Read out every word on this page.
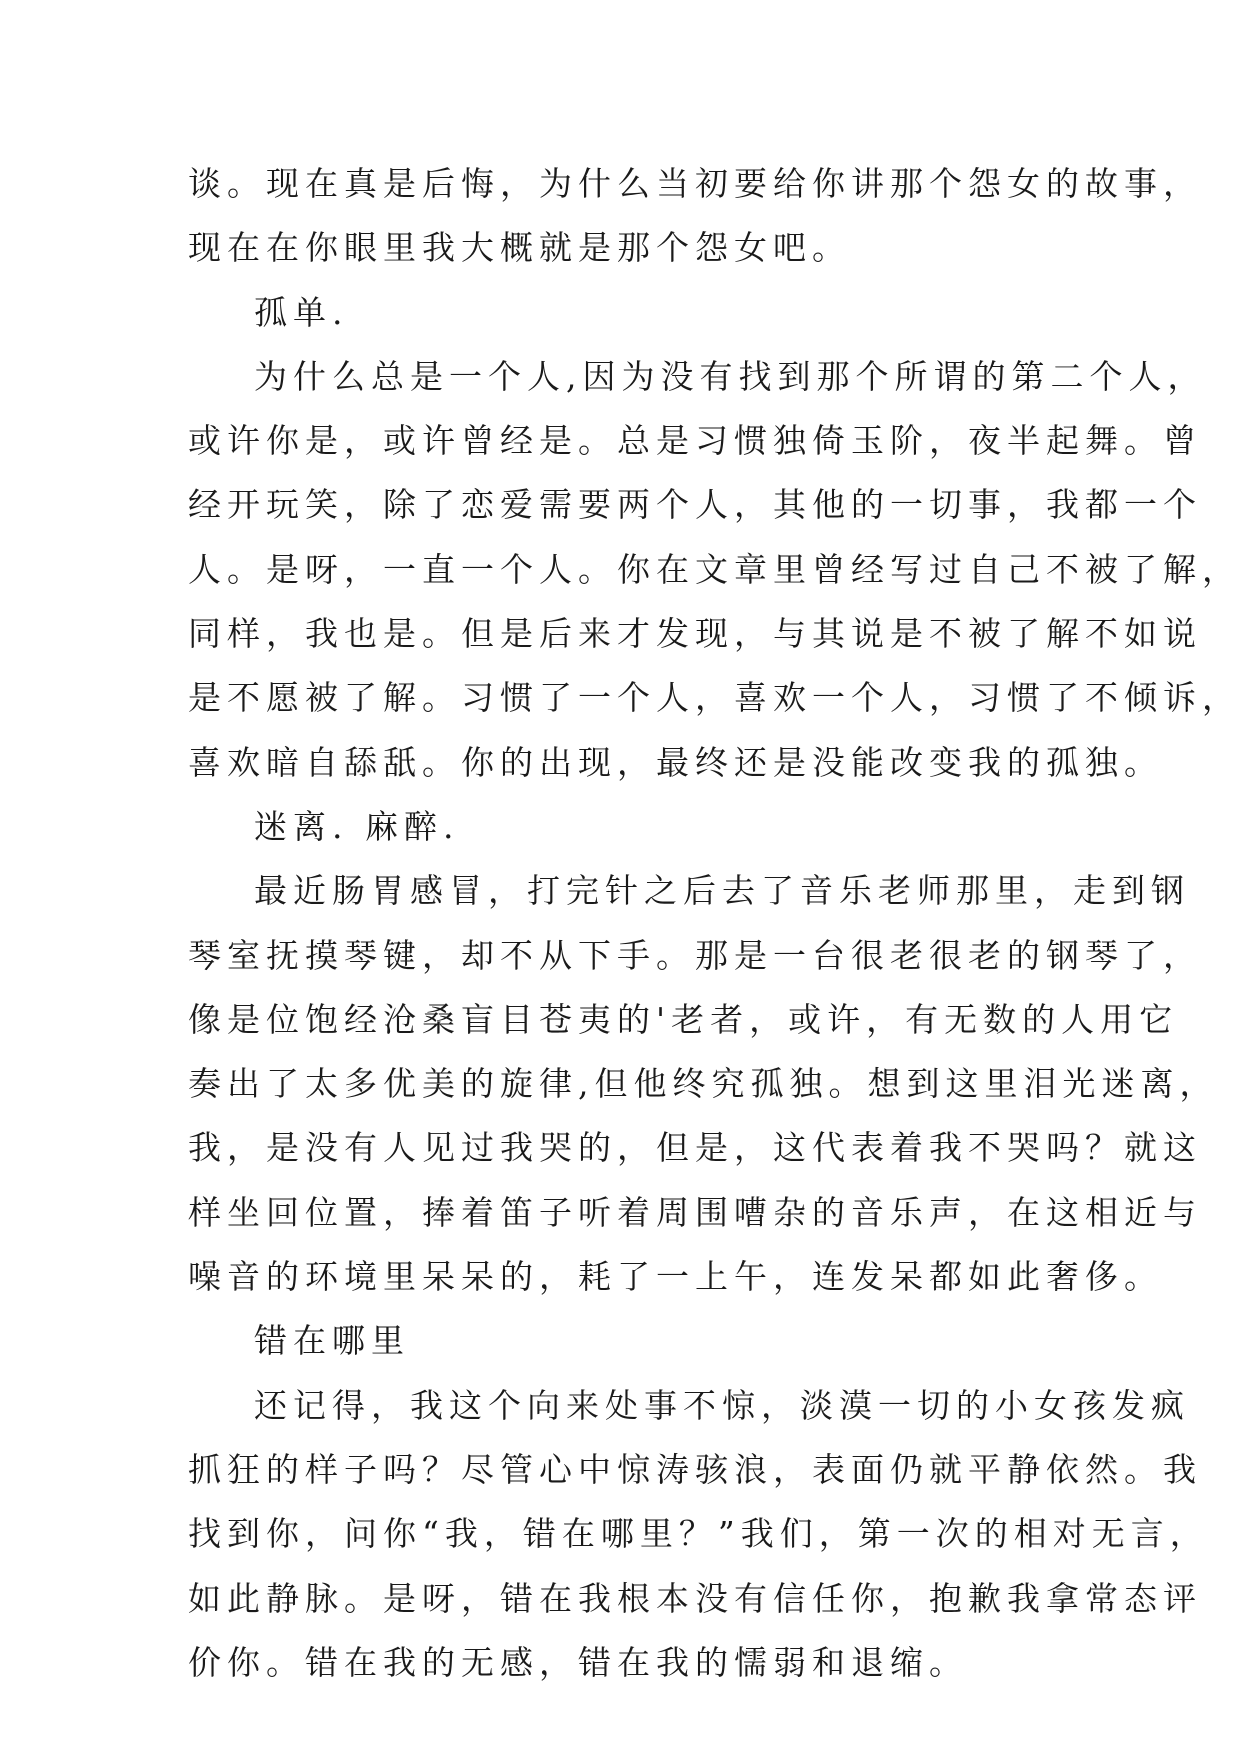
谈。现在真是后悔，为什么当初要给你讲那个怨女的故事，
现在在你眼里我大概就是那个怨女吧。
孤单.
为什么总是一个人,因为没有找到那个所谓的第二个人，
或许你是，或许曾经是。总是习惯独倚玉阶，夜半起舞。曾
经开玩笑，除了恋爱需要两个人，其他的一切事，我都一个
人。是呀，一直一个人。你在文章里曾经写过自己不被了解，
同样，我也是。但是后来才发现，与其说是不被了解不如说
是不愿被了解。习惯了一个人，喜欢一个人，习惯了不倾诉，
喜欢暗自舔舐。你的出现，最终还是没能改变我的孤独。
迷离. 麻醉.
最近肠胃感冒，打完针之后去了音乐老师那里，走到钢
琴室抚摸琴键，却不从下手。那是一台很老很老的钢琴了，
像是位饱经沧桑盲目苍夷的'老者，或许，有无数的人用它
奏出了太多优美的旋律,但他终究孤独。想到这里泪光迷离，
我，是没有人见过我哭的，但是，这代表着我不哭吗？就这
样坐回位置，捧着笛子听着周围嘈杂的音乐声，在这相近与
噪音的环境里呆呆的，耗了一上午，连发呆都如此奢侈。
错在哪里
还记得，我这个向来处事不惊，淡漠一切的小女孩发疯
抓狂的样子吗？尽管心中惊涛骇浪，表面仍就平静依然。我
找到你，问你“我，错在哪里？”我们，第一次的相对无言，
如此静脉。是呀，错在我根本没有信任你，抱歉我拿常态评
价你。错在我的无感，错在我的懦弱和退缩。
